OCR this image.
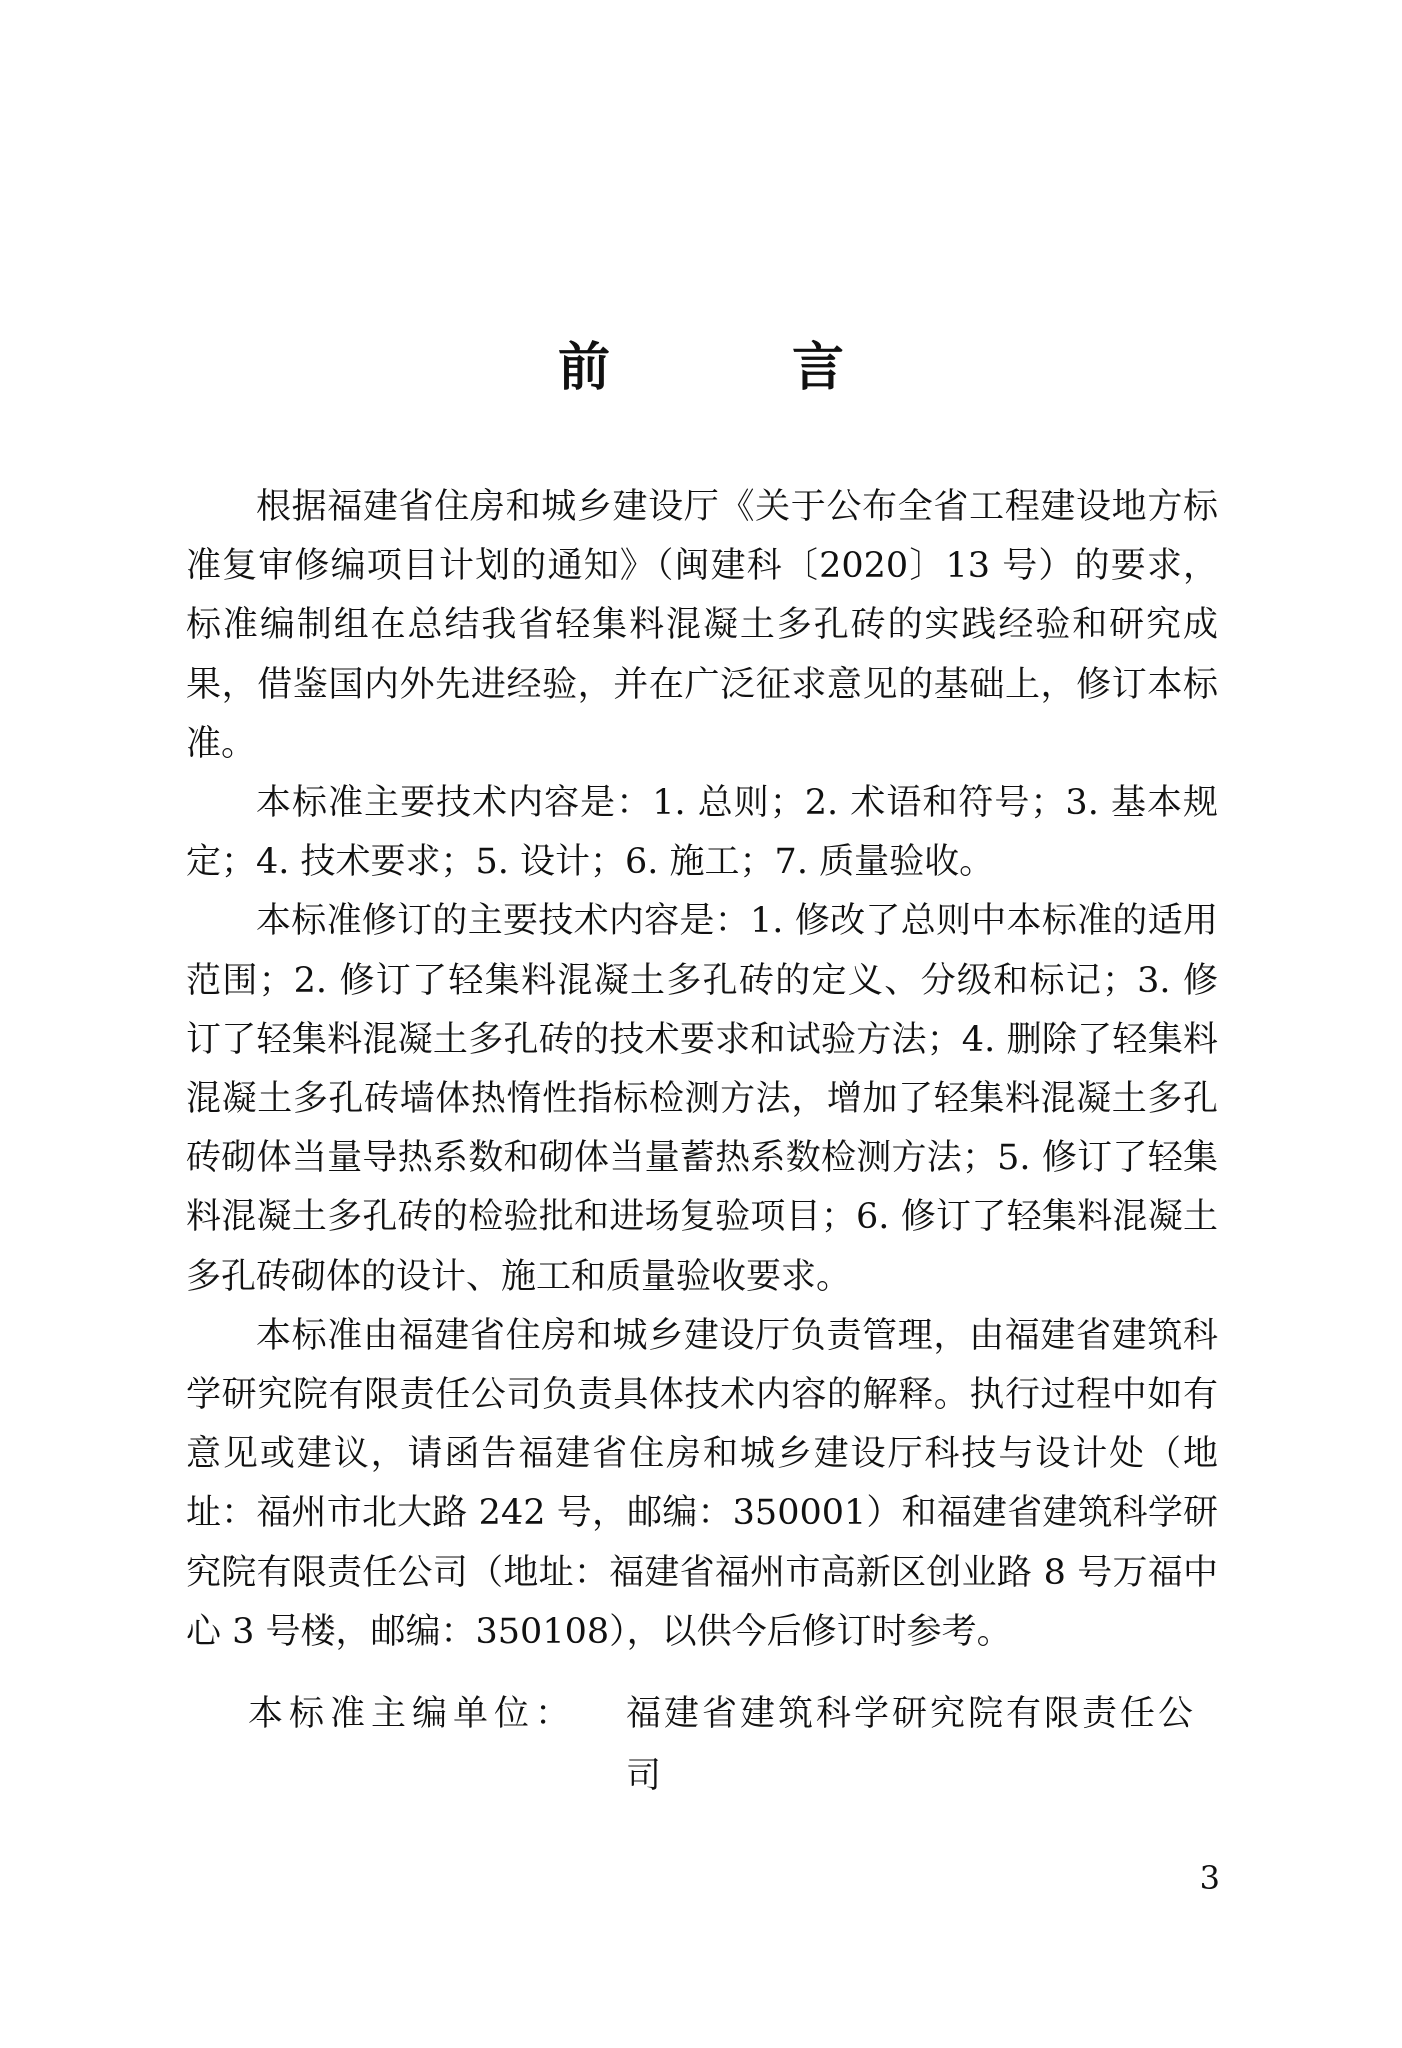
前 言

根据福建省住房和城乡建设厅《关于公布全省工程建设地方标准复审修编项目计划的通知》（闽建科〔2020〕13 号）的要求，标准编制组在总结我省轻集料混凝土多孔砖的实践经验和研究成果，借鉴国内外先进经验，并在广泛征求意见的基础上，修订本标准。

本标准主要技术内容是：1. 总则；2. 术语和符号；3. 基本规定；4. 技术要求；5. 设计；6. 施工；7. 质量验收。

本标准修订的主要技术内容是：1. 修改了总则中本标准的适用范围；2. 修订了轻集料混凝土多孔砖的定义、分级和标记；3. 修订了轻集料混凝土多孔砖的技术要求和试验方法；4. 删除了轻集料混凝土多孔砖墙体热惰性指标检测方法，增加了轻集料混凝土多孔砖砌体当量导热系数和砌体当量蓄热系数检测方法；5. 修订了轻集料混凝土多孔砖的检验批和进场复验项目；6. 修订了轻集料混凝土多孔砖砌体的设计、施工和质量验收要求。

本标准由福建省住房和城乡建设厅负责管理，由福建省建筑科学研究院有限责任公司负责具体技术内容的解释。执行过程中如有意见或建议，请函告福建省住房和城乡建设厅科技与设计处（地址：福州市北大路 242 号，邮编：350001）和福建省建筑科学研究院有限责任公司（地址：福建省福州市高新区创业路 8 号万福中心 3 号楼，邮编：350108），以供今后修订时参考。

本标准主编单位：	福建省建筑科学研究院有限责任公司
3
